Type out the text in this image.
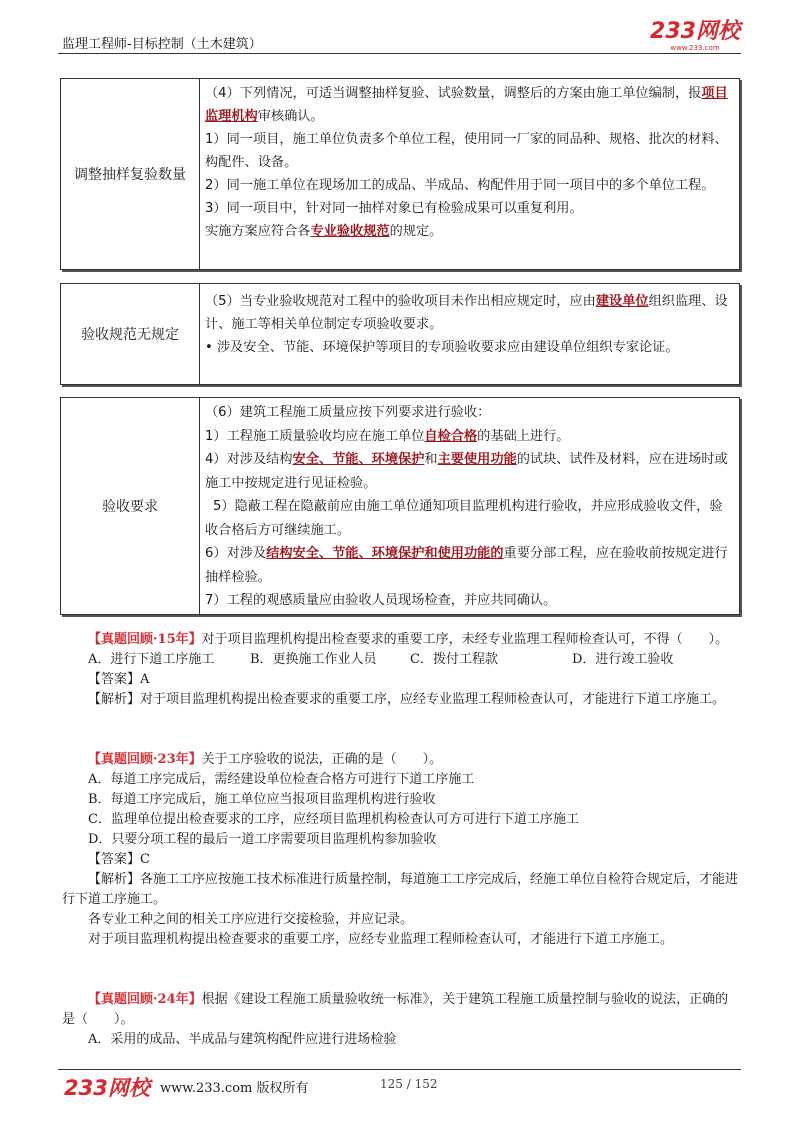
监理工程师-目标控制（土木建筑）
233网校
www.233.com
调整抽样复验数量

（4）下列情况，可适当调整抽样复验、试验数量，调整后的方案由施工单位编制，报项目监理机构审核确认。

1）同一项目，施工单位负责多个单位工程，使用同一厂家的同品种、规格、批次的材料、构配件、设备。

2）同一施工单位在现场加工的成品、半成品、构配件用于同一项目中的多个单位工程。

3）同一项目中，针对同一抽样对象已有检验成果可以重复利用。

实施方案应符合各专业验收规范的规定。

验收规范无规定

（5）当专业验收规范对工程中的验收项目未作出相应规定时，应由建设单位组织监理、设计、施工等相关单位制定专项验收要求。

• 涉及安全、节能、环境保护等项目的专项验收要求应由建设单位组织专家论证。

验收要求

（6）建筑工程施工质量应按下列要求进行验收：

1）工程施工质量验收均应在施工单位自检合格的基础上进行。

4）对涉及结构安全、节能、环境保护和主要使用功能的试块、试件及材料，应在进场时或施工中按规定进行见证检验。

5）隐蔽工程在隐蔽前应由施工单位通知项目监理机构进行验收，并应形成验收文件，验收合格后方可继续施工。

6）对涉及结构安全、节能、环境保护和使用功能的重要分部工程，应在验收前按规定进行抽样检验。

7）工程的观感质量应由验收人员现场检查，并应共同确认。

【真题回顾·15年】对于项目监理机构提出检查要求的重要工序，未经专业监理工程师检查认可，不得（　　）。

A．进行下道工序施工	B．更换施工作业人员	C．拨付工程款	D．进行竣工验收

【答案】A

【解析】对于项目监理机构提出检查要求的重要工序，应经专业监理工程师检查认可，才能进行下道工序施工。

【真题回顾·23年】关于工序验收的说法，正确的是（　　）。

A．每道工序完成后，需经建设单位检查合格方可进行下道工序施工

B．每道工序完成后，施工单位应当报项目监理机构进行验收

C．监理单位提出检查要求的工序，应经项目监理机构检查认可方可进行下道工序施工

D．只要分项工程的最后一道工序需要项目监理机构参加验收

【答案】C

【解析】各施工工序应按施工技术标准进行质量控制，每道施工工序完成后，经施工单位自检符合规定后，才能进行下道工序施工。

各专业工种之间的相关工序应进行交接检验，并应记录。

对于项目监理机构提出检查要求的重要工序，应经专业监理工程师检查认可，才能进行下道工序施工。

【真题回顾·24年】根据《建设工程施工质量验收统一标准》，关于建筑工程施工质量控制与验收的说法，正确的是（　　）。

A．采用的成品、半成品与建筑构配件应进行进场检验

233网校 www.233.com 版权所有	125 / 152
